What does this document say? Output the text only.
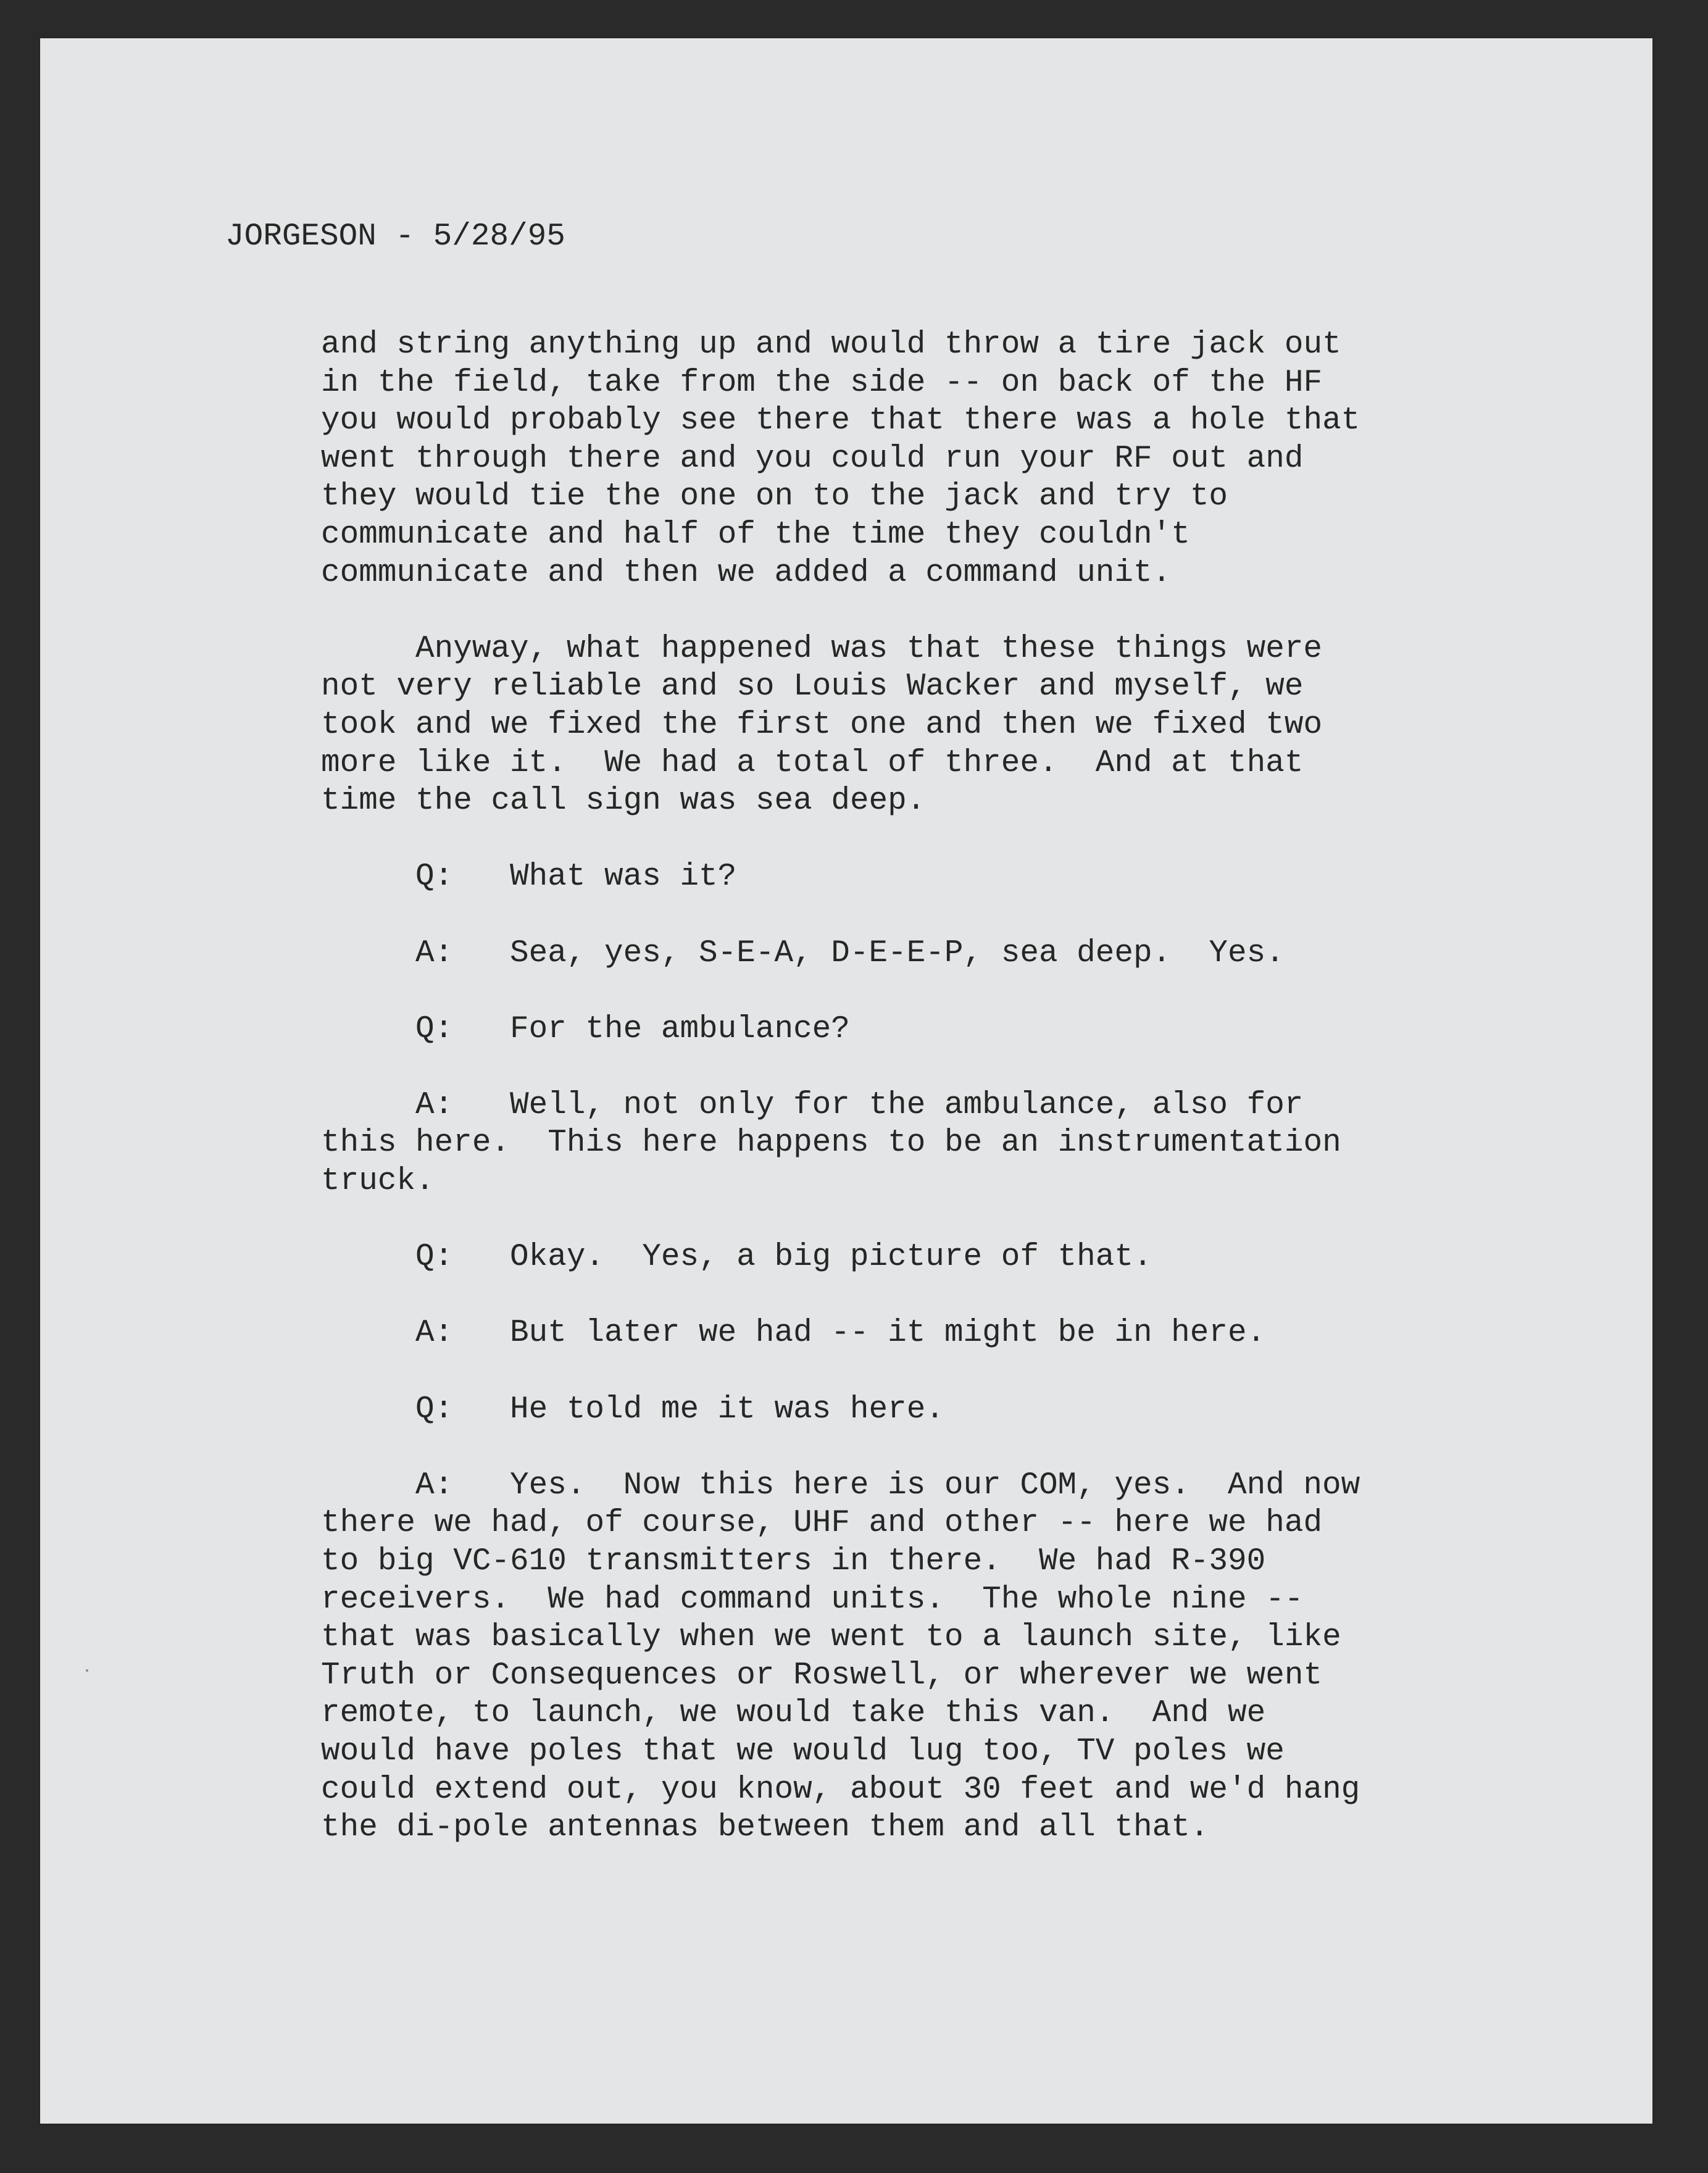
JORGESON - 5/28/95
and string anything up and would throw a tire jack out
in the field, take from the side -- on back of the HF
you would probably see there that there was a hole that
went through there and you could run your RF out and
they would tie the one on to the jack and try to
communicate and half of the time they couldn't
communicate and then we added a command unit.
Anyway, what happened was that these things were
not very reliable and so Louis Wacker and myself, we
took and we fixed the first one and then we fixed two
more like it.  We had a total of three.  And at that
time the call sign was sea deep.
Q: What was it?
A: Sea, yes, S-E-A, D-E-E-P, sea deep.  Yes.
Q: For the ambulance?
A: Well, not only for the ambulance, also for
this here.  This here happens to be an instrumentation
truck.
Q: Okay.  Yes, a big picture of that.
A: But later we had -- it might be in here.
Q: He told me it was here.
A: Yes.  Now this here is our COM, yes.  And now
there we had, of course, UHF and other -- here we had
to big VC-610 transmitters in there.  We had R-390
receivers.  We had command units.  The whole nine --
that was basically when we went to a launch site, like
Truth or Consequences or Roswell, or wherever we went
remote, to launch, we would take this van.  And we
would have poles that we would lug too, TV poles we
could extend out, you know, about 30 feet and we'd hang
the di-pole antennas between them and all that.
